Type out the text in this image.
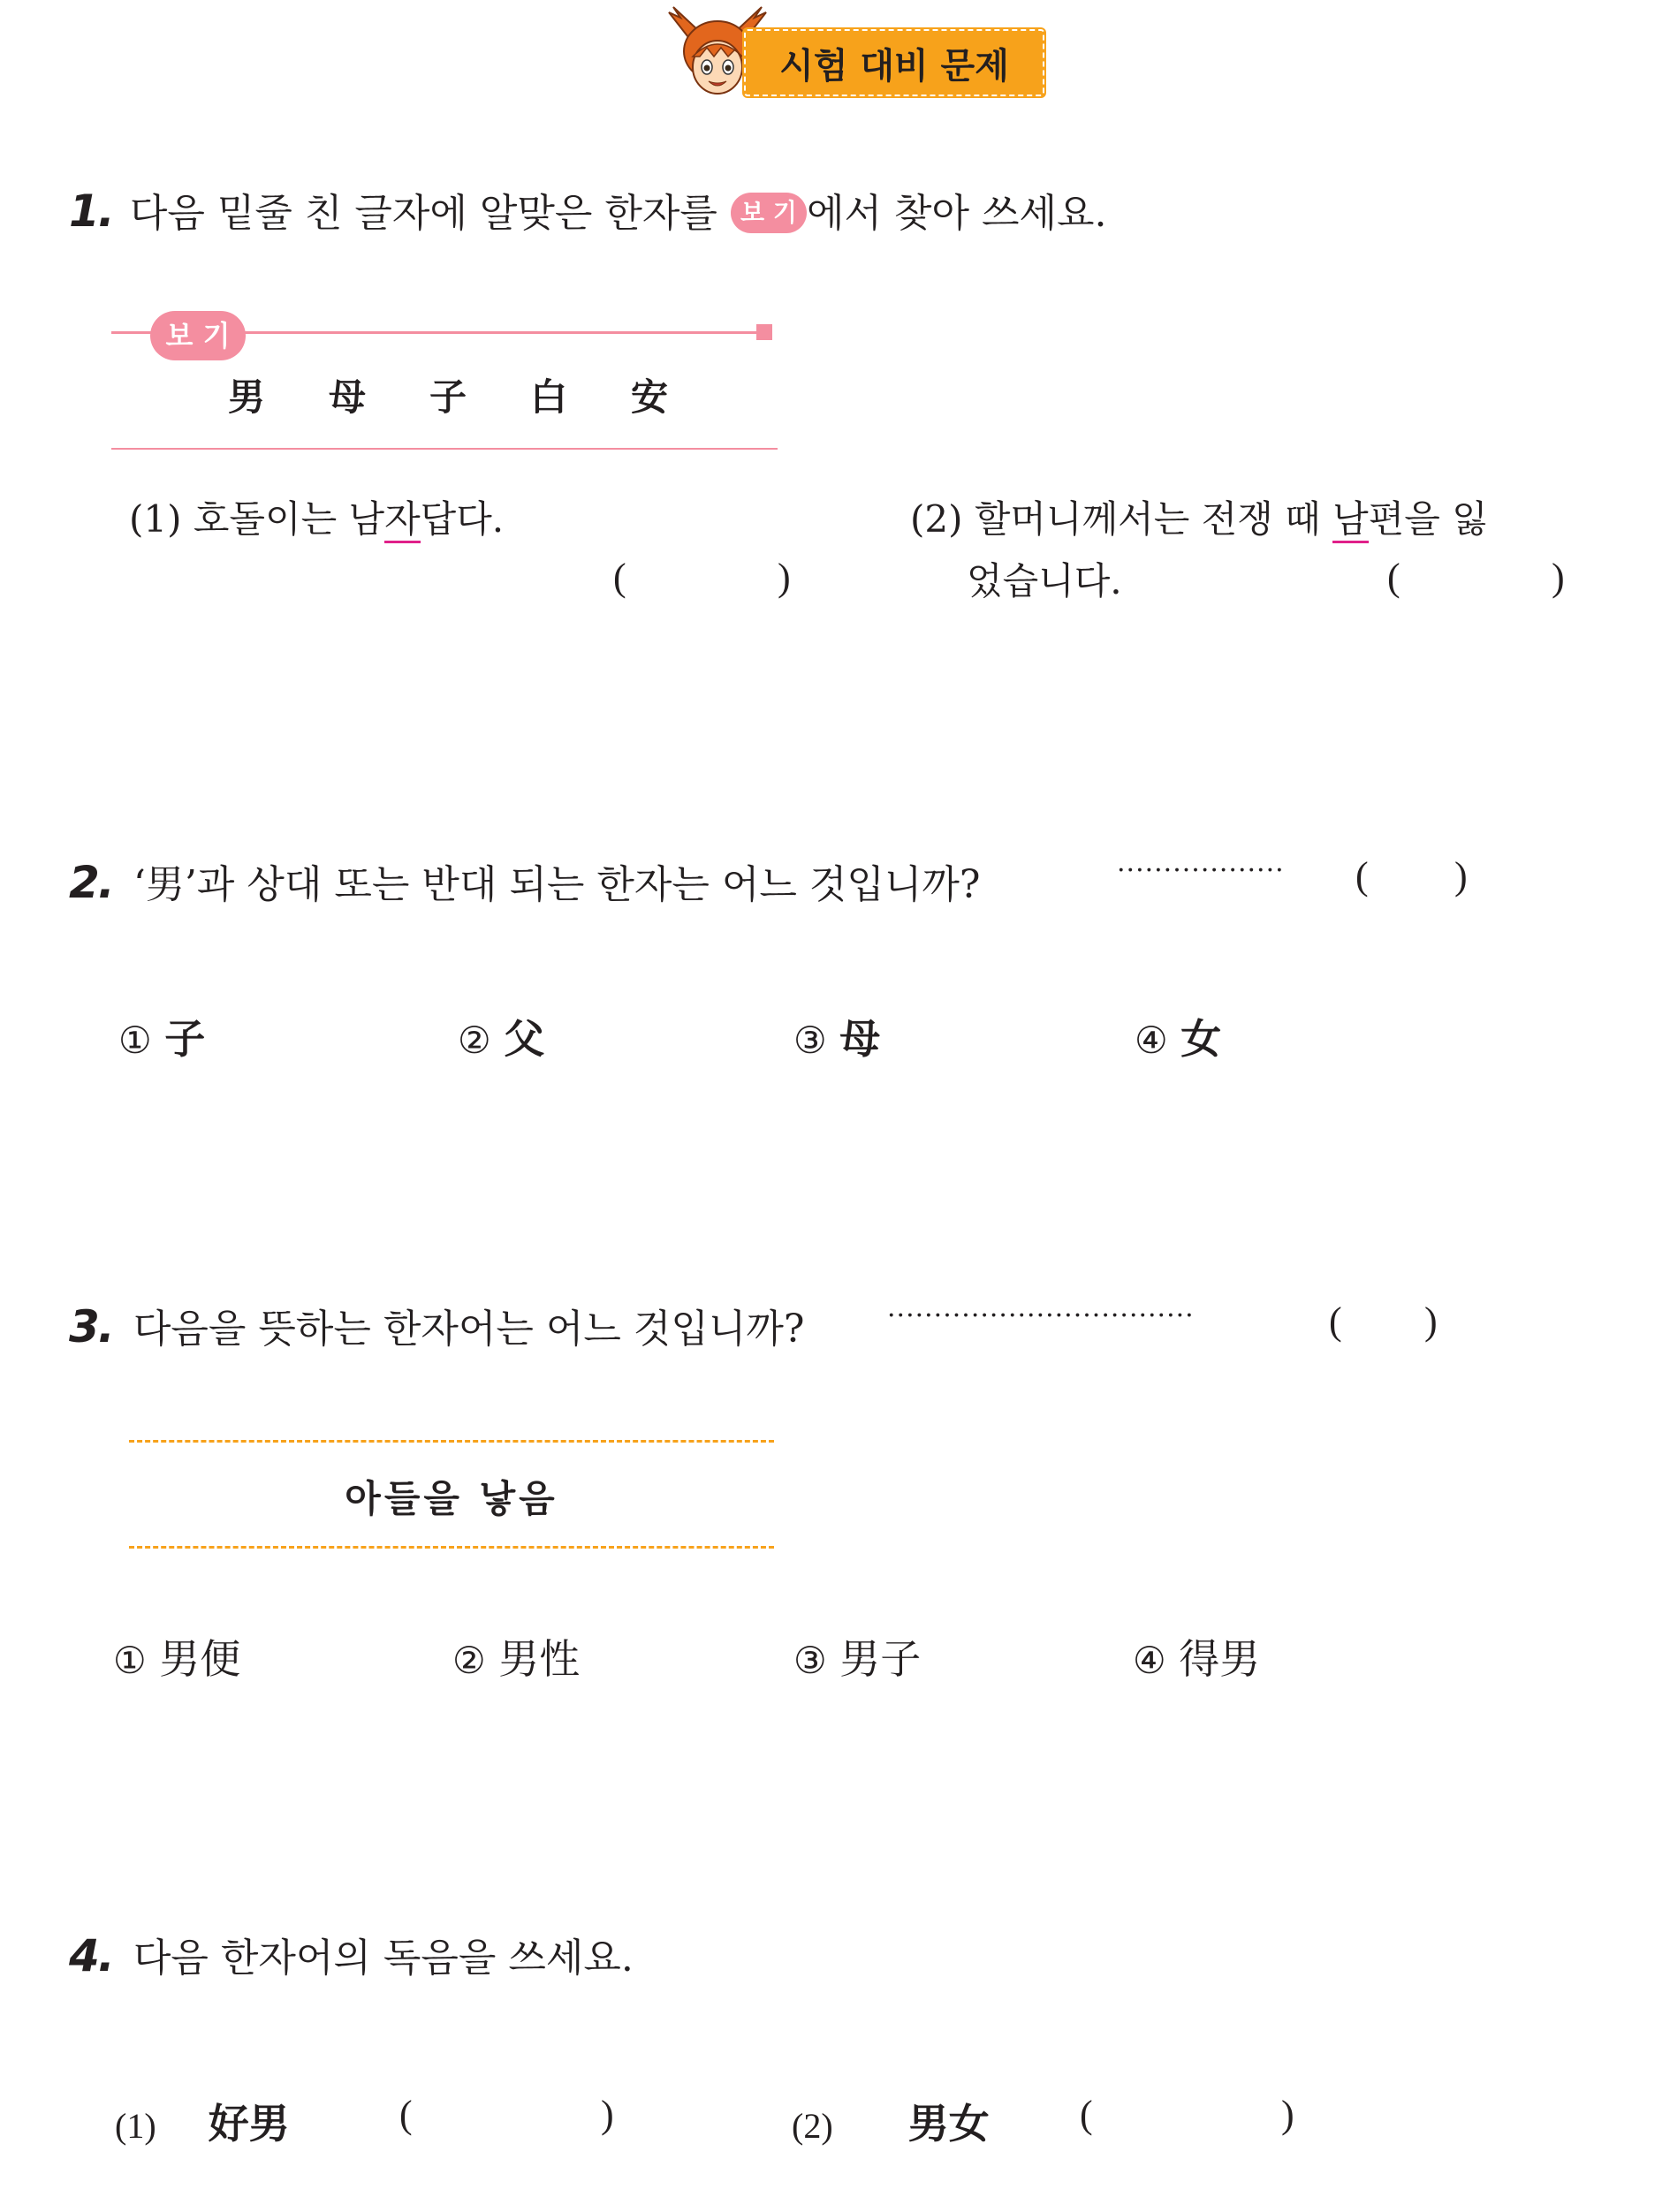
시험 대비 문제
1. 다음 밑줄 친 글자에 알맞은 한자를 보 기 에서 찾아 쓰세요.
보 기
男 母 子 白 安
(1) 호돌이는 남자답다.
(	)
(2) 할머니께서는 전쟁 때 남편을 잃
었습니다.	(	)
2. ‘男’과 상대 또는 반대 되는 한자는 어느 것입니까?	·················· ( )
① 子	② 父	③ 母	④ 女
3. 다음을 뜻하는 한자어는 어느 것입니까?	·································	( )
아들을 낳음
① 男便	② 男性	③ 男子	④ 得男
4. 다음 한자어의 독음을 쓰세요.
(1) 好男	(	)	(2) 男女 (	)
